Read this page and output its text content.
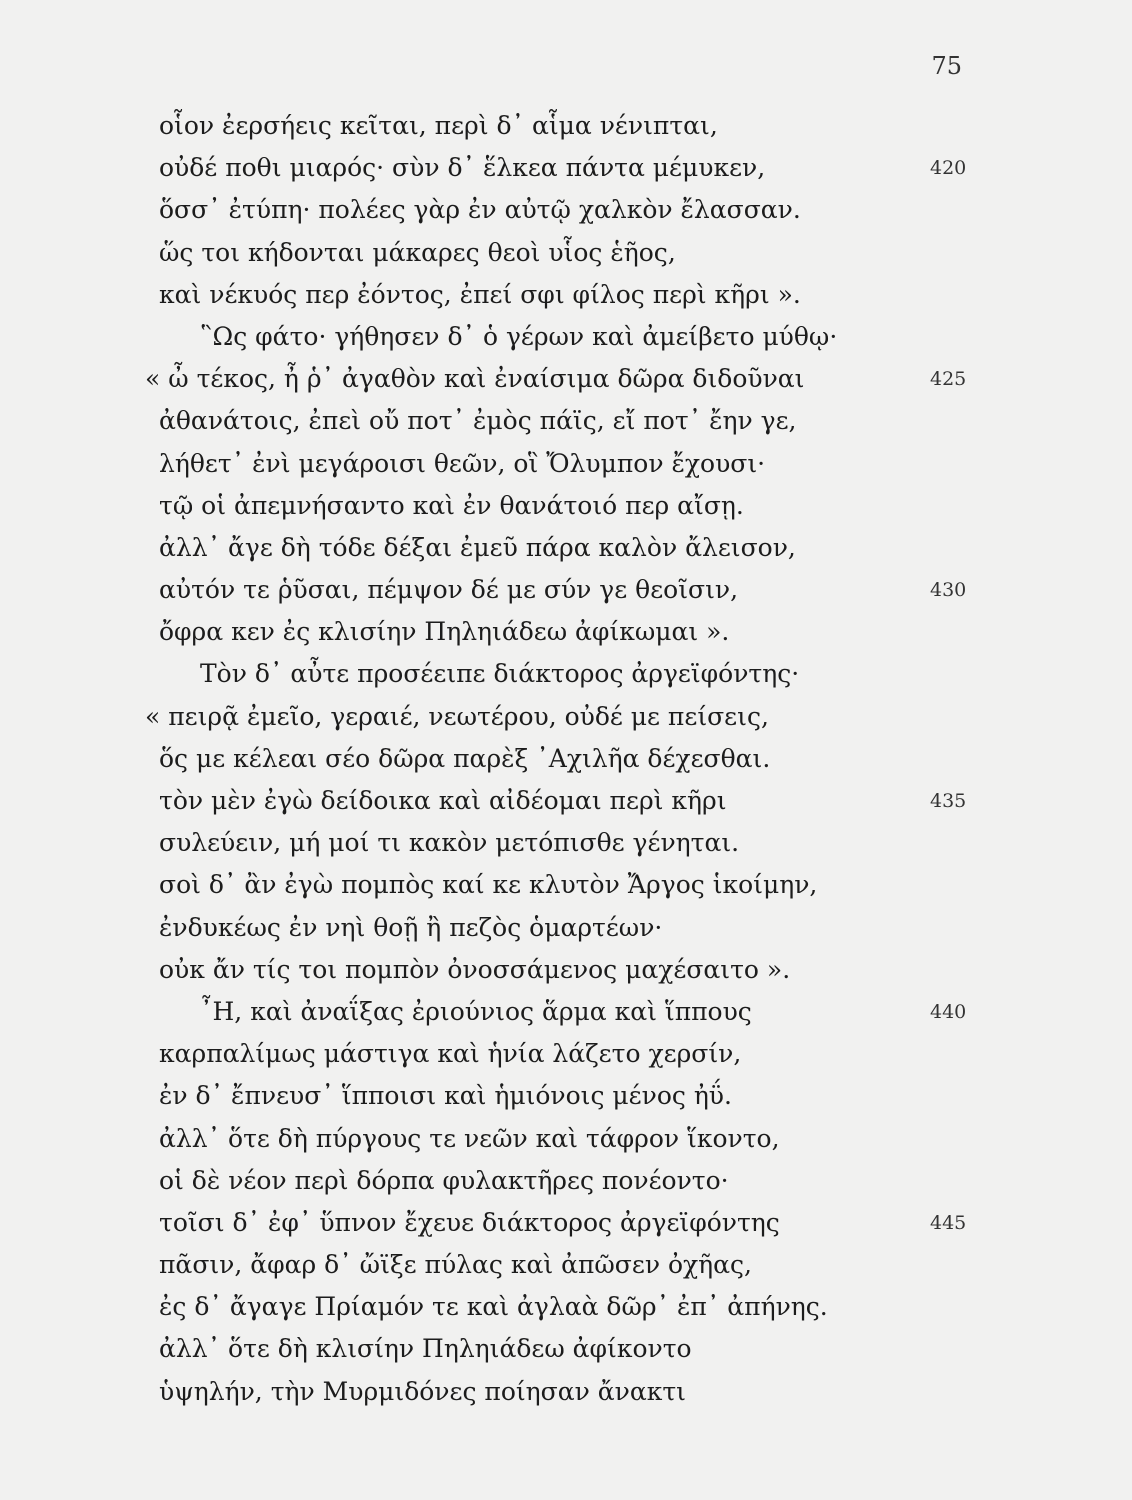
75
οἷον ἐερσήεις κεῖται, περὶ δ᾽ αἷμα νένιπται,
οὐδέ ποθι μιαρός· σὺν δ᾽ ἕλκεα πάντα μέμυκεν,	420
ὅσσ᾽ ἐτύπη· πολέες γὰρ ἐν αὐτῷ χαλκὸν ἔλασσαν.
ὥς τοι κήδονται μάκαρες θεοὶ υἷος ἑῆος,
καὶ νέκυός περ ἐόντος, ἐπεί σφι φίλος περὶ κῆρι ».
῝Ως φάτο· γήθησεν δ᾽ ὁ γέρων καὶ ἀμείβετο μύθῳ·
« ὦ τέκος, ἦ ῥ᾽ ἀγαθὸν καὶ ἐναίσιμα δῶρα διδοῦναι	425
ἀθανάτοις, ἐπεὶ οὔ ποτ᾽ ἐμὸς πάϊς, εἴ ποτ᾽ ἔην γε,
λήθετ᾽ ἐνὶ μεγάροισι θεῶν, οἳ Ὄλυμπον ἔχουσι·
τῷ οἱ ἀπεμνήσαντο καὶ ἐν θανάτοιό περ αἴσῃ.
ἀλλ᾽ ἄγε δὴ τόδε δέξαι ἐμεῦ πάρα καλὸν ἄλεισον,
αὐτόν τε ῥῦσαι, πέμψον δέ με σύν γε θεοῖσιν,	430
ὄφρα κεν ἐς κλισίην Πηληιάδεω ἀφίκωμαι ».
Τὸν δ᾽ αὖτε προσέειπε διάκτορος ἀργεϊφόντης·
« πειρᾷ ἐμεῖο, γεραιέ, νεωτέρου, οὐδέ με πείσεις,
ὅς με κέλεαι σέο δῶρα παρὲξ ᾿Αχιλῆα δέχεσθαι.
τὸν μὲν ἐγὼ δείδοικα καὶ αἰδέομαι περὶ κῆρι	435
συλεύειν, μή μοί τι κακὸν μετόπισθε γένηται.
σοὶ δ᾽ ἂν ἐγὼ πομπὸς καί κε κλυτὸν Ἄργος ἱκοίμην,
ἐνδυκέως ἐν νηὶ θοῇ ἢ πεζὸς ὁμαρτέων·
οὐκ ἄν τίς τοι πομπὸν ὀνοσσάμενος μαχέσαιτο ».
῏Η, καὶ ἀναΐξας ἐριούνιος ἅρμα καὶ ἵππους	440
καρπαλίμως μάστιγα καὶ ἡνία λάζετο χερσίν,
ἐν δ᾽ ἔπνευσ᾽ ἵπποισι καὶ ἡμιόνοις μένος ἠΰ.
ἀλλ᾽ ὅτε δὴ πύργους τε νεῶν καὶ τάφρον ἵκοντο,
οἱ δὲ νέον περὶ δόρπα φυλακτῆρες πονέοντο·
τοῖσι δ᾽ ἐφ᾽ ὕπνον ἔχευε διάκτορος ἀργεϊφόντης	445
πᾶσιν, ἄφαρ δ᾽ ὤϊξε πύλας καὶ ἀπῶσεν ὀχῆας,
ἐς δ᾽ ἄγαγε Πρίαμόν τε καὶ ἀγλαὰ δῶρ᾽ ἐπ᾽ ἀπήνης.
ἀλλ᾽ ὅτε δὴ κλισίην Πηληιάδεω ἀφίκοντο
ὑψηλήν, τὴν Μυρμιδόνες ποίησαν ἄνακτι
